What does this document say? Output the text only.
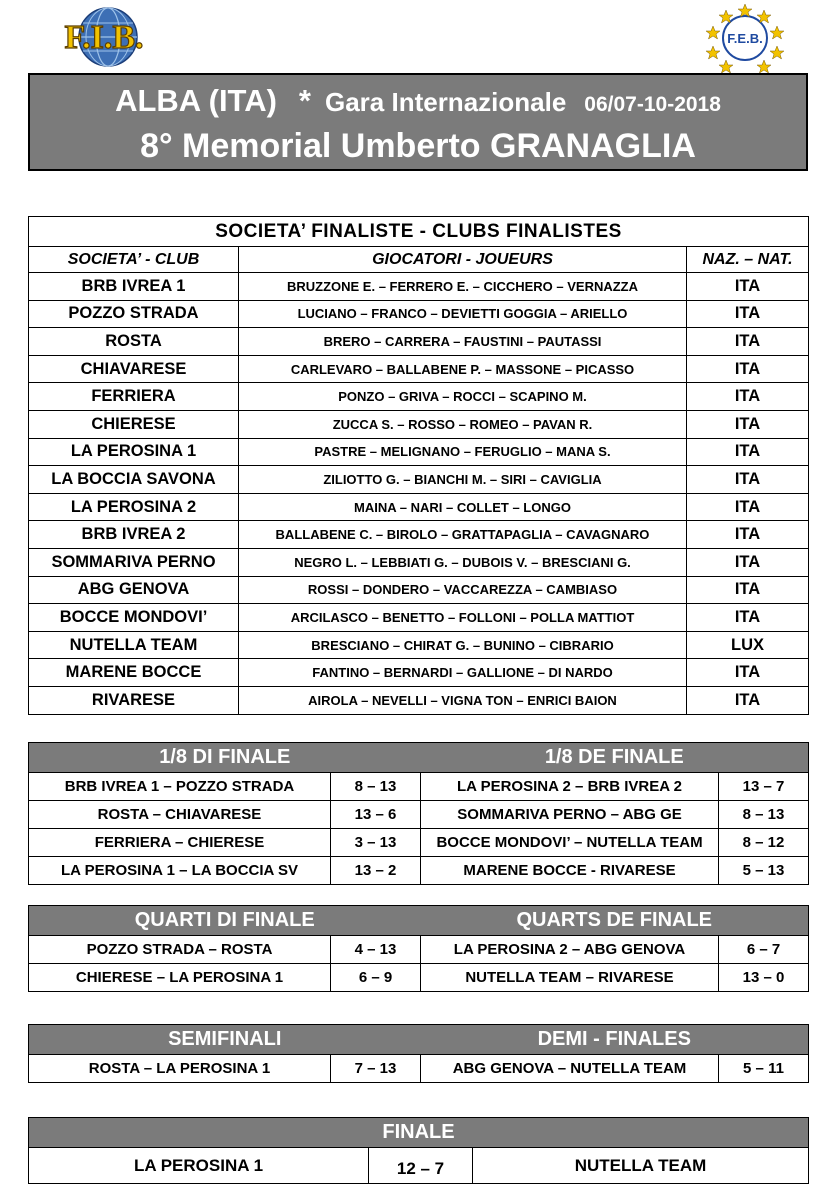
F.I.B.	F.E.B.
ALBA (ITA) * Gara Internazionale 06/07-10-2018
8° Memorial Umberto GRANAGLIA
SOCIETA’ FINALISTE - CLUBS FINALISTES		
SOCIETA’ - CLUB	GIOCATORI - JOUEURS	NAZ. – NAT.
BRB IVREA 1	BRUZZONE E. – FERRERO E. – CICCHERO – VERNAZZA	ITA
POZZO STRADA	LUCIANO – FRANCO – DEVIETTI GOGGIA – ARIELLO	ITA
ROSTA	BRERO – CARRERA – FAUSTINI – PAUTASSI	ITA
CHIAVARESE	CARLEVARO – BALLABENE P. – MASSONE – PICASSO	ITA
FERRIERA	PONZO – GRIVA – ROCCI – SCAPINO M.	ITA
CHIERESE	ZUCCA S. – ROSSO – ROMEO – PAVAN R.	ITA
LA PEROSINA 1	PASTRE – MELIGNANO – FERUGLIO – MANA S.	ITA
LA BOCCIA SAVONA	ZILIOTTO G. – BIANCHI M. – SIRI – CAVIGLIA	ITA
LA PEROSINA 2	MAINA – NARI – COLLET – LONGO	ITA
BRB IVREA 2	BALLABENE C. – BIROLO – GRATTAPAGLIA – CAVAGNARO	ITA
SOMMARIVA PERNO	NEGRO L. – LEBBIATI G. – DUBOIS V. – BRESCIANI G.	ITA
ABG GENOVA	ROSSI – DONDERO – VACCAREZZA – CAMBIASO	ITA
BOCCE MONDOVI’	ARCILASCO – BENETTO – FOLLONI – POLLA MATTIOT	ITA
NUTELLA TEAM	BRESCIANO – CHIRAT G. – BUNINO – CIBRARIO	LUX
MARENE BOCCE	FANTINO – BERNARDI – GALLIONE – DI NARDO	ITA
RIVARESE	AIROLA – NEVELLI – VIGNA TON – ENRICI BAION	ITA
1/8 DI FINALE		1/8 DE FINALE	
BRB IVREA 1 – POZZO STRADA	8 – 13	LA PEROSINA 2 – BRB IVREA 2	13 – 7
ROSTA – CHIAVARESE	13 – 6	SOMMARIVA PERNO – ABG GE	8 – 13
FERRIERA – CHIERESE	3 – 13	BOCCE MONDOVI’ – NUTELLA TEAM	8 – 12
LA PEROSINA 1 – LA BOCCIA SV	13 – 2	MARENE BOCCE - RIVARESE	5 – 13
QUARTI DI FINALE		QUARTS DE FINALE	
POZZO STRADA – ROSTA	4 – 13	LA PEROSINA 2 – ABG GENOVA	6 – 7
CHIERESE – LA PEROSINA 1	6 – 9	NUTELLA TEAM – RIVARESE	13 – 0
SEMIFINALI		DEMI - FINALES	
ROSTA – LA PEROSINA 1	7 – 13	ABG GENOVA – NUTELLA TEAM	5 – 11
FINALE
LA PEROSINA 1	12 – 7	NUTELLA TEAM
